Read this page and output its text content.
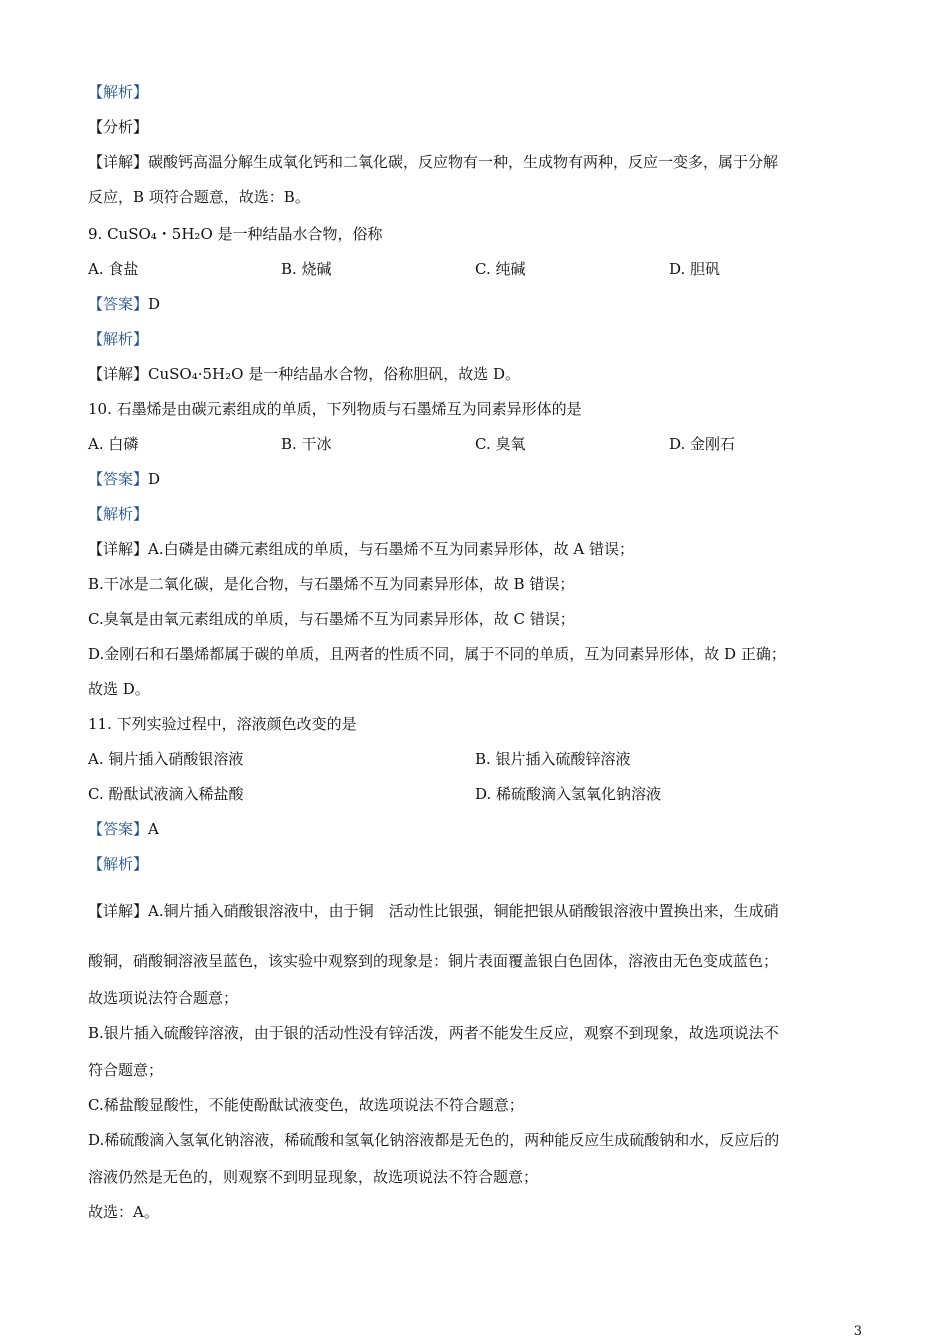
【解析】
【分析】
【详解】碳酸钙高温分解生成氧化钙和二氧化碳，反应物有一种，生成物有两种，反应一变多，属于分解
反应，B 项符合题意，故选：B。
9. CuSO₄・5H₂O 是一种结晶水合物，俗称
A. 食盐	B. 烧碱	C. 纯碱	D. 胆矾
【答案】D
【解析】
【详解】CuSO₄·5H₂O 是一种结晶水合物，俗称胆矾，故选 D。
10. 石墨烯是由碳元素组成的单质，下列物质与石墨烯互为同素异形体的是
A. 白磷	B. 干冰	C. 臭氧	D. 金刚石
【答案】D
【解析】
【详解】A.白磷是由磷元素组成的单质，与石墨烯不互为同素异形体，故 A 错误；
B.干冰是二氧化碳，是化合物，与石墨烯不互为同素异形体，故 B 错误；
C.臭氧是由氧元素组成的单质，与石墨烯不互为同素异形体，故 C 错误；
D.金刚石和石墨烯都属于碳的单质，且两者的性质不同，属于不同的单质，互为同素异形体，故 D 正确；
故选 D。
11. 下列实验过程中，溶液颜色改变的是
A. 铜片插入硝酸银溶液	B. 银片插入硫酸锌溶液
C. 酚酞试液滴入稀盐酸	D. 稀硫酸滴入氢氧化钠溶液
【答案】A
【解析】
【详解】A.铜片插入硝酸银溶液中，由于铜　活动性比银强，铜能把银从硝酸银溶液中置换出来，生成硝
酸铜，硝酸铜溶液呈蓝色，该实验中观察到的现象是：铜片表面覆盖银白色固体，溶液由无色变成蓝色；
故选项说法符合题意；
B.银片插入硫酸锌溶液，由于银的活动性没有锌活泼，两者不能发生反应，观察不到现象，故选项说法不
符合题意；
C.稀盐酸显酸性，不能使酚酞试液变色，故选项说法不符合题意；
D.稀硫酸滴入氢氧化钠溶液，稀硫酸和氢氧化钠溶液都是无色的，两种能反应生成硫酸钠和水，反应后的
溶液仍然是无色的，则观察不到明显现象，故选项说法不符合题意；
故选：A。
3
